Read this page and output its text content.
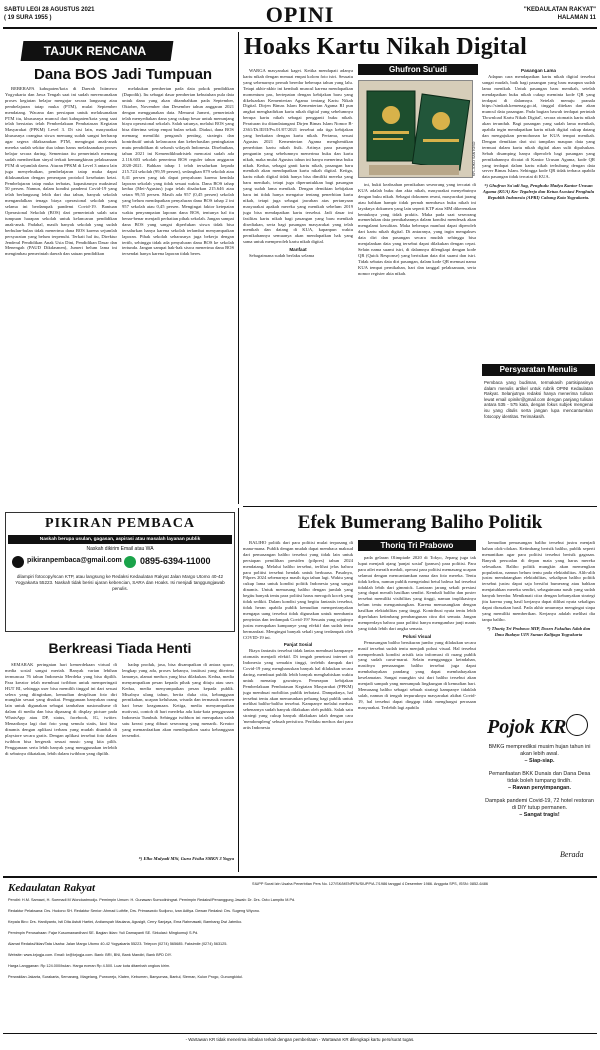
SABTU LEGI 28 AGUSTUS 2021
( 19 SURA 1955 )	OPINI	"KEDAULATAN RAKYAT"
HALAMAN 11
TAJUK RENCANA
Dana BOS Jadi Tumpuan

BEBERAPA kabupaten/kota di Daerah Istimewa Yogyakarta dan Jawa Tengah saat ini sudah merencanakan proses kegiatan belajar mengajar secara langsung atau pembelajaran tatap muka (PTM), mulai September mendatang. Wacana dan persiapan untuk melaksanakan PTM itu, khususnya muncul dari kabupaten/kota yang saat telah berstatus telah Pemberlakuan Pembatasan Kegiatan Masyarakat (PPKM) Level 3. Di sisi lain, masyarakat khususnya orangtua siswa memang sudah sangat berharap agar segera dilaksanakan PTM, mengingat anak-anak mereka sudah sekitar dua tahun harus melaksanakan proses belajar secara daring. Sementara itu pemerintah memang sudah memberikan sinyal terkait kemungkinan pelaksanaan PTM di sejumlah daera. Aturan PPKM di Level 3 antara lain juga menyebutkan, pembelajaran tatap muka dapat dilaksanakan dengan penerapan protokol kesehatan ketat. Pembelajaran tatap muka terbatas, kapasitasnya maksimal 50 persen. Namun, dalam kondisi pandemi Covid-19 yang telah berlangsung lebih dari dua tahun, banyak sekolah mengandalkan tenaga biaya operasional sekolah yang selama ini berdampak pandemi Covid-19. Bantuan Operasional Sekolah (BOS) dari pemerintah salah satu tumpuan harapan sekolah untuk kelancaran pendidikan anak-anak. Padahal, masih banyak sekolah yang sudah berbulan-bulan tidak menerima dana BOS karena sejumlah persyaratan yang belum terpenuhi. Terkait hal itu, Direktur Jenderal Pendidikan Anak Usia Dini, Pendidikan Dasar dan Menengah (PAUD Dikdasmen), Jumeri belum lama ini mengimbau pemerintah daerah dan satuan pendidikan

melakukan pemberian pada data pokok pendidikan (Dapodik). Itu sebagai dasar pemberian kebutuhan pula data untuk dana yang akan ditambahkan pada September, Oktober, November dan Desember tahun anggaran 2021 dengan menggunakan data. Menurut Jumeri, pemerintah telah menyediakan dana yang cukup besar untuk menunjang biaya operasional sekolah. Salah satunya, melalui BOS yang bisa diterima setiap empat bulan sekali. Diakui, dana BOS memang memiliki pengaruh penting, strategis dan kontributif untuk kelancaran dan keberhasilan peningkatan mutu pendidikan di seluruh wilayah Indonesia. Disebutkan, tahun 2021 ini Kemendikbudristek mencatat sudah ada 2.116.603 sekolah penerima BOS reguler tahun anggaran 2020-2021. Bahkan tahap 1 telah tersalurkan kepada 215.724 sekolah (99,59 persen), sedangkan 879 sekolah atau 0,41 persen yang tak dapat penyaluran karena kendala laporan sekolah yang tidak sesuai waktu. Dana BOS tahap kedua (Mei-Agustus) juga telah disalurkan 215.646 atau setara 99,55 persen. Masih ada 957 (0,45 persen) sekolah yang belum mendapatkan penyaluran dana BOS tahap 2 ini 957 sekolah atau 0,45 persen. Mengingat faktor ketepatan waktu penyampaian laporan dana BOS, tentunya hal itu benar-benar menjadi perhatian pihak sekolah. Jangan sampai dana BOS yang sangat diperlukan siswa tidak bisa tersalurkan hanya karena sekolah terlambat menyampaikan laporan. Pihak sekolah seharusnya juga bekerja dengan tertib, sehingga tidak ada penyaluran dana BOS ke sekolah tertunda. Jangan sampai hak-hak siswa menerima dana BOS tersendat hanya karena laporan tidak beres.

Hoaks Kartu Nikah Digital

WARGA masyarakat kaget. Ketika mendapati adanya kartu nikah dengan menuai empat kolom foto istri. Sesuatu yang sebenarnya pernah beredar beberapa tahun yang lalu. Tetapi akhir-akhir ini kembali muncul karena mendapatkan momentum pas, bertepatan dengan kebijakan baru yang dikeluarkan Kementerian Agama tentang Kartu Nikah Digital. Dirjen Bimas Islam Kementerian Agama RI pun angkat menghadirkan kartu nikah digital yang sebelumnya berupa kartu nikah sebagai pengganti buku nikah. Peraturan itu ditandatangani Dirjen Bimas Islam Nomor B-2361/Dt.III/II/Pw.01/07/2021 tersebut ada tiga kebijakan yang berkaitan dengan kartu nikah. Pertama, sesuai Agustus 2021 Kementerian Agama menghentikan penerbitan kartu nikah fisik. Artinya para pasangan pengantin yang sebelumnya menerima buku dan kartu nikah, maka mulai Agustus tahun ini hanya menerima buku nikah. Kedua, sebagai ganti kartu nikah, pasangan baru menikah akan mendapatkan kartu nikah digital. Ketiga, kartu nikah digital tidak hanya bisa dimiliki mereka yang baru menikah, tetapi juga diperuntukkan bagi pasangan yang sudah lama menikah. Dengan demikian kebijakan baru ini tidak hanya mengatur tentang penerbitan kartu nikah, tetapi juga sebagai jawaban atas pertanyaan masyarakat apakah mereka yang menikah sebelum 2019 juga bisa mendapatkan kartu tersebut. Jadi dasar ini fasilitas kartu nikah bagi pasangan yang baru menikah disediakan, serta bagi pasangan masyarakat yang telah menikah dan datang di KUA, kapanpun waktu pernikahannya semuanya akan mendapatkan hak yang sama untuk memperoleh kartu nikah digital.

Manfaat

Sebagaimana sudah berlaku selama

Ghufron Su'udi
KR-JOKO SANTOSO

ini, bukti keabsahan pernikahan seseorang yang tercatat di KUA adalah buku dan akta nikah, masyarakat menyebutnya dengan buku nikah. Sebagai dokumen resmi, masyarakat jarang atau bahkan hampir tidak pernah membawa buku nikah ini layaknya dokumen yang lain seperti KTP atau SIM dikerenakan bentuknya yang tidak praktis. Maka pada saat seseorang memerlukan data pernikahannya dalam kondisi mendesak akan mengalami kesulitan. Maka beberapa manfaat dapat diperoleh dari kartu nikah digital. Di antaranya, yang ingin mengakses data diri dan pasangan secara mudah sehingga bisa menjalankan data yang tersebut dapat dilakukan dengan cepat. Selain nama suami istri, di dalamnya dilengkapi dengan kode QR (Quick Response) yang berisikan data diri suami dan istri. Tidak sebatas data diri pasangan, dalam kode QR memuat nama KUA tempat pernikahan, hari dan tanggal pelaksanaan, serta nomor register akta nikah.

Pasangan Lama

Adapun cara mendapatkan kartu nikah digital tersebut sangat mudah, baik bagi pasangan yang baru maupun sudah lama menikah. Untuk pasangan baru menikah, setelah mendapatkan buku nikah cukup meminta kode QR yang terdapat di dalamnya. Setelah menuju pranala https://simkah.kemenag.go.id, tinggal ditekan dan akan muncul data pasangan. Pada bagian bawah terdapat perintah 'Download Kartu Nikah Digital', secara otomatis kartu nikah akan terunduh. Bagi pasangan yang sudah lama menikah, apabila ingin mendapatkan kartu nikah digital cukup datang dan mengajukan permohonan ke KUA tempat menikah. Dengan demikian dari sisi tampilan maupun data yang termuat dalam kartu nikah digital akan sulit dipalsukan. Sebab disamping hanya diperoleh bagi pasangan yang pernikahannya dicatat di Kantor Urusan Agama, kode QR yang terdapat dalam kartu nikah terhubung dengan data server Bimas Islam. Sehingga kode QR tidak terbaca apabila data pasangan tidak tercatat di KUA.

*) Ghufron Su'udi Sag, Penghulu Madya Kantor Urusan Agama (KUA) Kec Tegalrejo dan Ketua Asosiasi Penghulu Republik Indonesia (APRI) Cabang Kota Yogyakarta.
Persyaratan Menulis
Pembaca yang budiman, termakasih partisipasinya dalam menulis artikel untuk rubrik OPINI Kedaulatan Rakyat. Selanjutnya redaksi hanya menerima tulisan lewat email opinikr@gmail.com dengan panjang tulisan antara 535 - 575 kata, dengan fokus subjek mengenai isu yang ditulis serta jangan lupa mencantumkan fotocopy identitas. Terimakasih.
Efek Bumerang Baliho Politik

BALIHO politik dari para politisi mulai terpasang di mana-mana. Publik dengan mudah dapat membaca maksud dari pemasangan baliho tersebut yang tidak lain untuk persiapan pemilihan presiden (pilpres) tahun 2024 mendatang. Melalui baliho tersebut, terlihat jelas bahwa para politisi tersebut hendak untuk berkuasa. Pasalnya, Pilpres 2024 sebenarnya masih tiga tahun lagi. Waktu yang cukup lama untuk kondisi politik Indonesia yang sangat dinamis. Untuk memasang baliho dengan jumlah yang begitu banyak tentu para politisi harus merogoh kocek yang tidak sedikit. Dalam kondisi yang begitu fantastis tersebut, tidak heran apabila publik kemudian mempertanyakan mengapa uang tersebut tidak digunakan untuk membantu penyintas dan terdampak Covid-19? Sesuatu yang sejatinya justru merupakan kampanye yang efektif dan sudah tentu bermanfaat. Mengingat banyak sekali yang terdampak oleh COVID-19 ini.

Panjat Sosial

Biaya fantastis tersebut tidak lantas membuat kampanye otomatis menjadi efektif. Di tengah penetrasi internet di Indonesia yang semakin tinggi, terlebih dampak dari Covid-19 yang mengharuskan banyak hal dilakukan secara daring, membuat publik lebih banyak menghabiskan waktu untuk menatap gawainya. Penerapan kebijakan Pemberlakuan Pembatasan Kegiatan Masyarakat (PPKM) juga membuat mobilitas publik terbatasi. Dampaknya, hal tersebut tentu akan menurunkan peluang bagi publik untuk melihat baliho-baliho tersebut. Kampanye melalui medsos sebenarnya sudah banyak dilakukan oleh publik. Salah satu strategi yang cukup banyak dilakukan ialah dengan cara 'mendompleng' sebuah peristiwa. Perilaku medsos dari para artis Indonesia

Thoriq Tri Prabowo

pada gelaran Olimpiade 2020 di Tokyo, Jepang juga tak luput menjadi ajang 'panjat sosial' (pansos) para politisi. Para para atlet meraih medali, operasi para politisi memasang ucapan selamat dengan mencantumkan nama dan foto mereka. Tentu tidak keliru, namun publik mengetahui betul bahwa hal tersebut tidaklah lebih dari gimmick. Lantaran jarang sekali prestasi yang dapat meraih hasilkan sendiri. Kembali baliho dan poster tersebut memiliki visibilitas yang tinggi, namun implikasinya belum tentu menguntungkan. Karena memasangkan dengan hasilkan elektabilitas yang tinggi. Kontribusi nyata tentu lebih diperlukan ketimbang pembangunan citra diri semata. Jangan memperdaya bahwa para politisi hanya mengumbar janji manis yang tidak lebih dari angka semata.

Polusi Visual

Pemasangan baliho berukuran jumbo yang dilakukan secara masif tersebut sudah tentu menjadi polusi visual. Hal tersebut memperburuk kondisi aristik tata informasi di ruang publik yang sudah carut-marut. Selain mengganggu keindahan, masifnya pemasangan baliho tersebut juga dapat membahayakan pandang yang dapat membahayakan keselamatan. Sangat mungkin sisi dari baliho tersebut akan menjadi sampah yang menumpuk lingkungan di kemudian hari. Memasang baliho sebagai sebuah strategi kampanye tidaklah salah, namun di tengah terpuruknya masyarakat akibat Covid-19, hal tersebut dapat dinggap tidak menghargai perasaan masyarakat. Terlebih lagi apabila

kemudian pemasangan baliho tersebut justru menjadi bahan olok-olokan. Ketimbang berisik baliho, publik seperti menantikan agar para politisi tersebut berisik gagasan. Banyak persoalan di depan mata yang harus mereka selesaikan. Baliho politik mungkin akan memengkan popularitas, namun belum tentu pada elektabilitas. Alih-alih justru mendatangkan elektabilitas, sekalipun baliho politik tersebut justru dapat saja bersifat bumerang atau bahkan menjatuhkan mereka sendiri, sebagaimana nasib yang sudah banyak beredar. Menikmati citra dengan kebanyakan strategi jitu karena yang hasil kerjanya dapat dilihat nyata sekaligus dapat dirasakan hasil. Pada akhir umumnya mengingat siapa yang memiliki memberikan. Kerjanya adalah melihat dia tanpa baliho.

*) Thoriq Tri Prabowo MIP, Dosen Fakultas Adab dan Ilmu Budaya UIN Sunan Kalijaga Yogyakarta
Pojok KR
BMKG memprediksi musim hujan tahun ini akan lebih awal.
– Siap-siap.
Pemanfaatan BKK Dunais dan Dana Desa tidak boleh tumpang tindih.
– Rawan penyimpangan.
Dampak pandemi Covid-19, 72 hotel restoran di DIY tutup permanen.
– Sangat tragis!
Berada
PIKIRAN PEMBACA
Naskah berupa usulan, gagasan, aspirasi atau masalah layanan publik
Naskah dikirim Email atau WA
pikiranpembaca@gmail.com 0895-6394-11000
dilampiri fotocopy/scan KTP, atau langsung ke Redaksi Kedaulatan Rakyat Jalan Margo Utomo 40-42 Yogyakarta 55223. Naskah tidak berisi ujaran kebencian, SARA dan Hoaks. Isi menjadi tanggungjawab penulis.
Berkreasi Tiada Henti

SEMARAK peringatan hari kemerdekaan virtual di media sosial sangat meriah. Banyak varian lebihan termuncaa 76 tahun Indonesia Merdeka yang bisa dipilih. Para kreator telah membuat twibbon untuk memperingati HUT RI, sehingga user bisa memilih tinggal ini dari sesuai selera yang diinginkan, kemudian desiplisan foto diri mungkin sesuai yang disukai. Penggunaan banyakan orang lain untuk digunakan sebagai tambahan nasionalisme di dalam di media dan bisa dipasang di display picture pada WhatsApp atau DP, status, facebook, IG, twitter. Menariknya lagi dari foto yang semula statis, kini bisa dinamis dengan aplikasi terbaru yang mudah diunduh di playstore secara gratis. Dengan aplikasi tersebut foto dalam twibbon bisa bergerak sesuai music yang kita pilih. Penggunaan serta lebih banyak yang menggunakan terlebih di sebutnya dikatakan, lebih dalam twibbon yang dipilih.

hadap produk, jasa, bisa disampaikan di antara space, lengkap yang ada, proses kebanya, institusi yang diterima lamanya, alamat medsos yang bisa dilakukan. Kedua, media menyampaikan pesan kepada pihak yang dituju atau user. Kedua, media menyampaikan pesan kepada publik. Misalnya ulang tahun, berita duka cita, kebanggaan pernikahan, ucapan kelulusan, wisuda dan termasuk momen hari besar keagamaan. Ketiga, media menyampaikan motivasi, contoh di hari merdeka ada kata-kata penggunaan Indonesia Tumbuh. Sehingga twibbon ini merupakan salah satu kreasi yang dibuat seseorang yang menarik. Kreator yang memanfaatkan akan mendapatkan suatu kebanggaan tersendiri.

*) Elko Mulyadi MSi, Guru Fisika SMKN 3 Yogya
Kedaulatan Rakyat	SIUPP Surat Izin Usaha Penerbitan Pers No. 127/SK/MENPEN/SIUPP/A.7/1986 tanggal 4 Desember 1986. Anggota SPS, ISSN: 0852-6486
Pendiri: H.M. Samawi, H. Soemadi M Wondoatmodjo. Pemimpin Umum: H. Gunawan Sumodiningrat. Pemimpin Redaksi/Penanggung Jawab: Dr. Drs. Octo Lampito M.Pd.
Redaktur Pelaksana: Drs. Hudono SH. Redaktur Senior: Ahmad Luthfie, Drs. Primaswolo Sudjono, Ivan Aditya. Dewan Redaksi: Drs. Sugeng Wiyono.
Kepala Biro: Drs. Hardiyanto, Isti Dita Astuti Hartini, Ardiansyah Maulana, Agusigit, Cerry Sanjaya, Ema Rahmawati, Bambang Dwi Jatmiko.
Pemimpin Perusahaan: Fajar Kusumawardhani SE. Bagian Iklan: Yuli Damayanti SE. Sirkulasi: Mingkomuji S.Pd.
Alamat Redaksi/Iklan/Tata Usaha: Jalan Margo Utomo 40-42 Yogyakarta 55223. Telepon (0274) 565685. Faksimile (0274) 563125.
Website: www.krjogja.com. Email: kr@krjogja.com. Bank: BRI, BNI, Bank Mandiri, Bank BPD DIY.
Harga Langganan: Rp 124.000/bulan. Harga eceran Rp 4.500. Luar kota ditambah ongkos kirim.
Perwakilan Jakarta, Surakarta, Semarang, Magelang, Purworejo, Klaten, Kebumen, Banyumas, Bantul, Sleman, Kulon Progo, Gunungkidul.
- Wartawan KR tidak menerima imbalan terkait dengan pemberitaan - Wartawan KR dilengkapi kartu pers/surat tugas.
